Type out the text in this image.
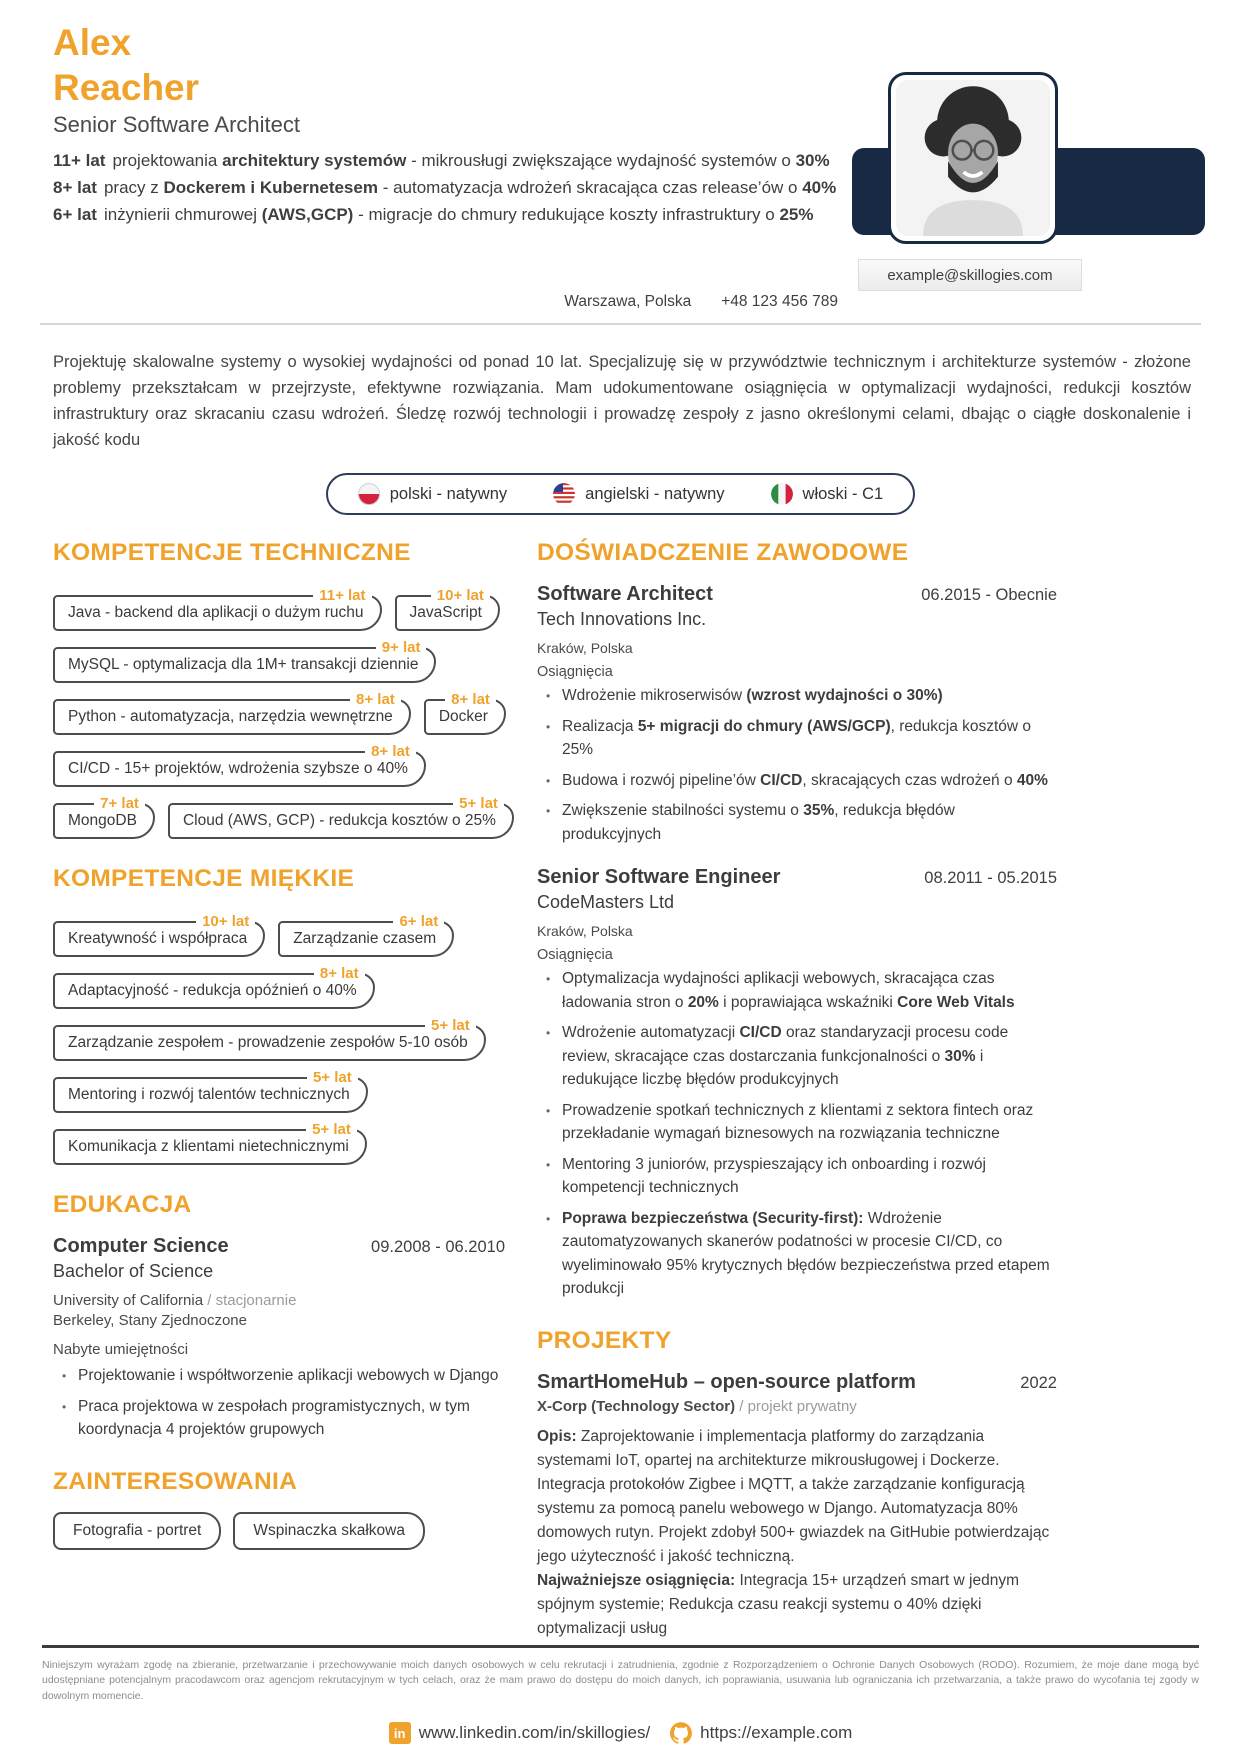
Alex
Reacher
Senior Software Architect
11+ lat projektowania architektury systemów - mikrousługi zwiększające wydajność systemów o 30%
8+ lat pracy z Dockerem i Kubernetesem - automatyzacja wdrożeń skracająca czas release’ów o 40%
6+ lat inżynierii chmurowej (AWS,GCP) - migracje do chmury redukujące koszty infrastruktury o 25%
Warszawa, Polska +48 123 456 789
example@skillogies.com
Projektuję skalowalne systemy o wysokiej wydajności od ponad 10 lat. Specjalizuję się w przywództwie technicznym i architekturze systemów - złożone problemy przekształcam w przejrzyste, efektywne rozwiązania. Mam udokumentowane osiągnięcia w optymalizacji wydajności, redukcji kosztów infrastruktury oraz skracaniu czasu wdrożeń. Śledzę rozwój technologii i prowadzę zespoły z jasno określonymi celami, dbając o ciągłe doskonalenie i jakość kodu
polski - natywny	angielski - natywny	włoski - C1
KOMPETENCJE TECHNICZNE
11+ lat
Java - backend dla aplikacji o dużym ruchu
10+ lat
JavaScript
9+ lat
MySQL - optymalizacja dla 1M+ transakcji dziennie
8+ lat
Python - automatyzacja, narzędzia wewnętrzne
8+ lat
Docker
8+ lat
CI/CD - 15+ projektów, wdrożenia szybsze o 40%
7+ lat
MongoDB
5+ lat
Cloud (AWS, GCP) - redukcja kosztów o 25%
KOMPETENCJE MIĘKKIE
10+ lat
Kreatywność i współpraca
6+ lat
Zarządzanie czasem
8+ lat
Adaptacyjność - redukcja opóźnień o 40%
5+ lat
Zarządzanie zespołem - prowadzenie zespołów 5-10 osób
5+ lat
Mentoring i rozwój talentów technicznych
5+ lat
Komunikacja z klientami nietechnicznymi
EDUKACJA
Computer Science	09.2008 - 06.2010
Bachelor of Science
University of California / stacjonarnie
Berkeley, Stany Zjednoczone
Nabyte umiejętności
• Projektowanie i współtworzenie aplikacji webowych w Django
• Praca projektowa w zespołach programistycznych, w tym koordynacja 4 projektów grupowych
ZAINTERESOWANIA
Fotografia - portret	Wspinaczka skałkowa
DOŚWIADCZENIE ZAWODOWE
Software Architect	06.2015 - Obecnie
Tech Innovations Inc.
Kraków, Polska
Osiągnięcia
• Wdrożenie mikroserwisów (wzrost wydajności o 30%)
• Realizacja 5+ migracji do chmury (AWS/GCP), redukcja kosztów o 25%
• Budowa i rozwój pipeline’ów CI/CD, skracających czas wdrożeń o 40%
• Zwiększenie stabilności systemu o 35%, redukcja błędów produkcyjnych
Senior Software Engineer	08.2011 - 05.2015
CodeMasters Ltd
Kraków, Polska
Osiągnięcia
• Optymalizacja wydajności aplikacji webowych, skracająca czas ładowania stron o 20% i poprawiająca wskaźniki Core Web Vitals
• Wdrożenie automatyzacji CI/CD oraz standaryzacji procesu code review, skracające czas dostarczania funkcjonalności o 30% i redukujące liczbę błędów produkcyjnych
• Prowadzenie spotkań technicznych z klientami z sektora fintech oraz przekładanie wymagań biznesowych na rozwiązania techniczne
• Mentoring 3 juniorów, przyspieszający ich onboarding i rozwój kompetencji technicznych
• Poprawa bezpieczeństwa (Security-first): Wdrożenie zautomatyzowanych skanerów podatności w procesie CI/CD, co wyeliminowało 95% krytycznych błędów bezpieczeństwa przed etapem produkcji
PROJEKTY
SmartHomeHub – open-source platform	2022
X-Corp (Technology Sector) / projekt prywatny
Opis: Zaprojektowanie i implementacja platformy do zarządzania systemami IoT, opartej na architekturze mikrousługowej i Dockerze. Integracja protokołów Zigbee i MQTT, a także zarządzanie konfiguracją systemu za pomocą panelu webowego w Django. Automatyzacja 80% domowych rutyn. Projekt zdobył 500+ gwiazdek na GitHubie potwierdzając jego użyteczność i jakość techniczną.
Najważniejsze osiągnięcia: Integracja 15+ urządzeń smart w jednym spójnym systemie; Redukcja czasu reakcji systemu o 40% dzięki optymalizacji usług
Niniejszym wyrażam zgodę na zbieranie, przetwarzanie i przechowywanie moich danych osobowych w celu rekrutacji i zatrudnienia, zgodnie z Rozporządzeniem o Ochronie Danych Osobowych (RODO). Rozumiem, że moje dane mogą być udostępniane potencjalnym pracodawcom oraz agencjom rekrutacyjnym w tych celach, oraz że mam prawo do dostępu do moich danych, ich poprawiania, usuwania lub ograniczania ich przetwarzania, a także prawo do wycofania tej zgody w dowolnym momencie.
in www.linkedin.com/in/skillogies/	https://example.com
